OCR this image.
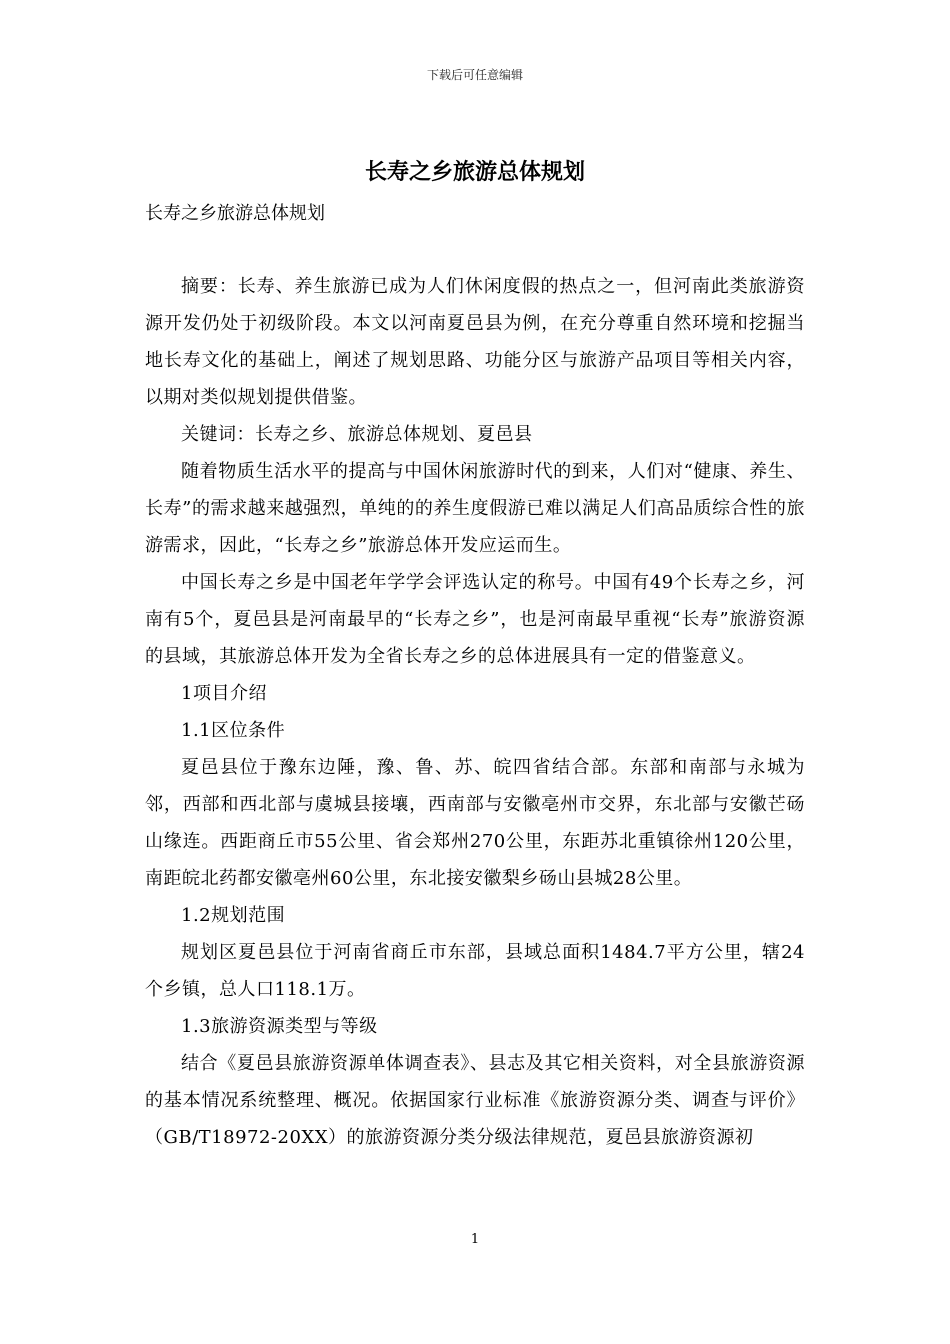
下载后可任意编辑
长寿之乡旅游总体规划

长寿之乡旅游总体规划

摘要：长寿、养生旅游已成为人们休闲度假的热点之一，但河南此类旅游资源开发仍处于初级阶段。本文以河南夏邑县为例，在充分尊重自然环境和挖掘当地长寿文化的基础上，阐述了规划思路、功能分区与旅游产品项目等相关内容，以期对类似规划提供借鉴。

关键词：长寿之乡、旅游总体规划、夏邑县

随着物质生活水平的提高与中国休闲旅游时代的到来，人们对“健康、养生、长寿”的需求越来越强烈，单纯的的养生度假游已难以满足人们高品质综合性的旅游需求，因此，“长寿之乡”旅游总体开发应运而生。

中国长寿之乡是中国老年学学会评选认定的称号。中国有49个长寿之乡，河南有5个，夏邑县是河南最早的“长寿之乡”，也是河南最早重视“长寿”旅游资源的县域，其旅游总体开发为全省长寿之乡的总体进展具有一定的借鉴意义。

1项目介绍

1.1区位条件

夏邑县位于豫东边陲，豫、鲁、苏、皖四省结合部。东部和南部与永城为邻，西部和西北部与虞城县接壤，西南部与安徽亳州市交界，东北部与安徽芒砀山缘连。西距商丘市55公里、省会郑州270公里，东距苏北重镇徐州120公里，南距皖北药都安徽亳州60公里，东北接安徽梨乡砀山县城28公里。

1.2规划范围

规划区夏邑县位于河南省商丘市东部，县域总面积1484.7平方公里，辖24个乡镇，总人口118.1万。

1.3旅游资源类型与等级

结合《夏邑县旅游资源单体调查表》、县志及其它相关资料，对全县旅游资源的基本情况系统整理、概况。依据国家行业标准《旅游资源分类、调查与评价》（GB/T18972-20XX）的旅游资源分类分级法律规范，夏邑县旅游资源初

1
